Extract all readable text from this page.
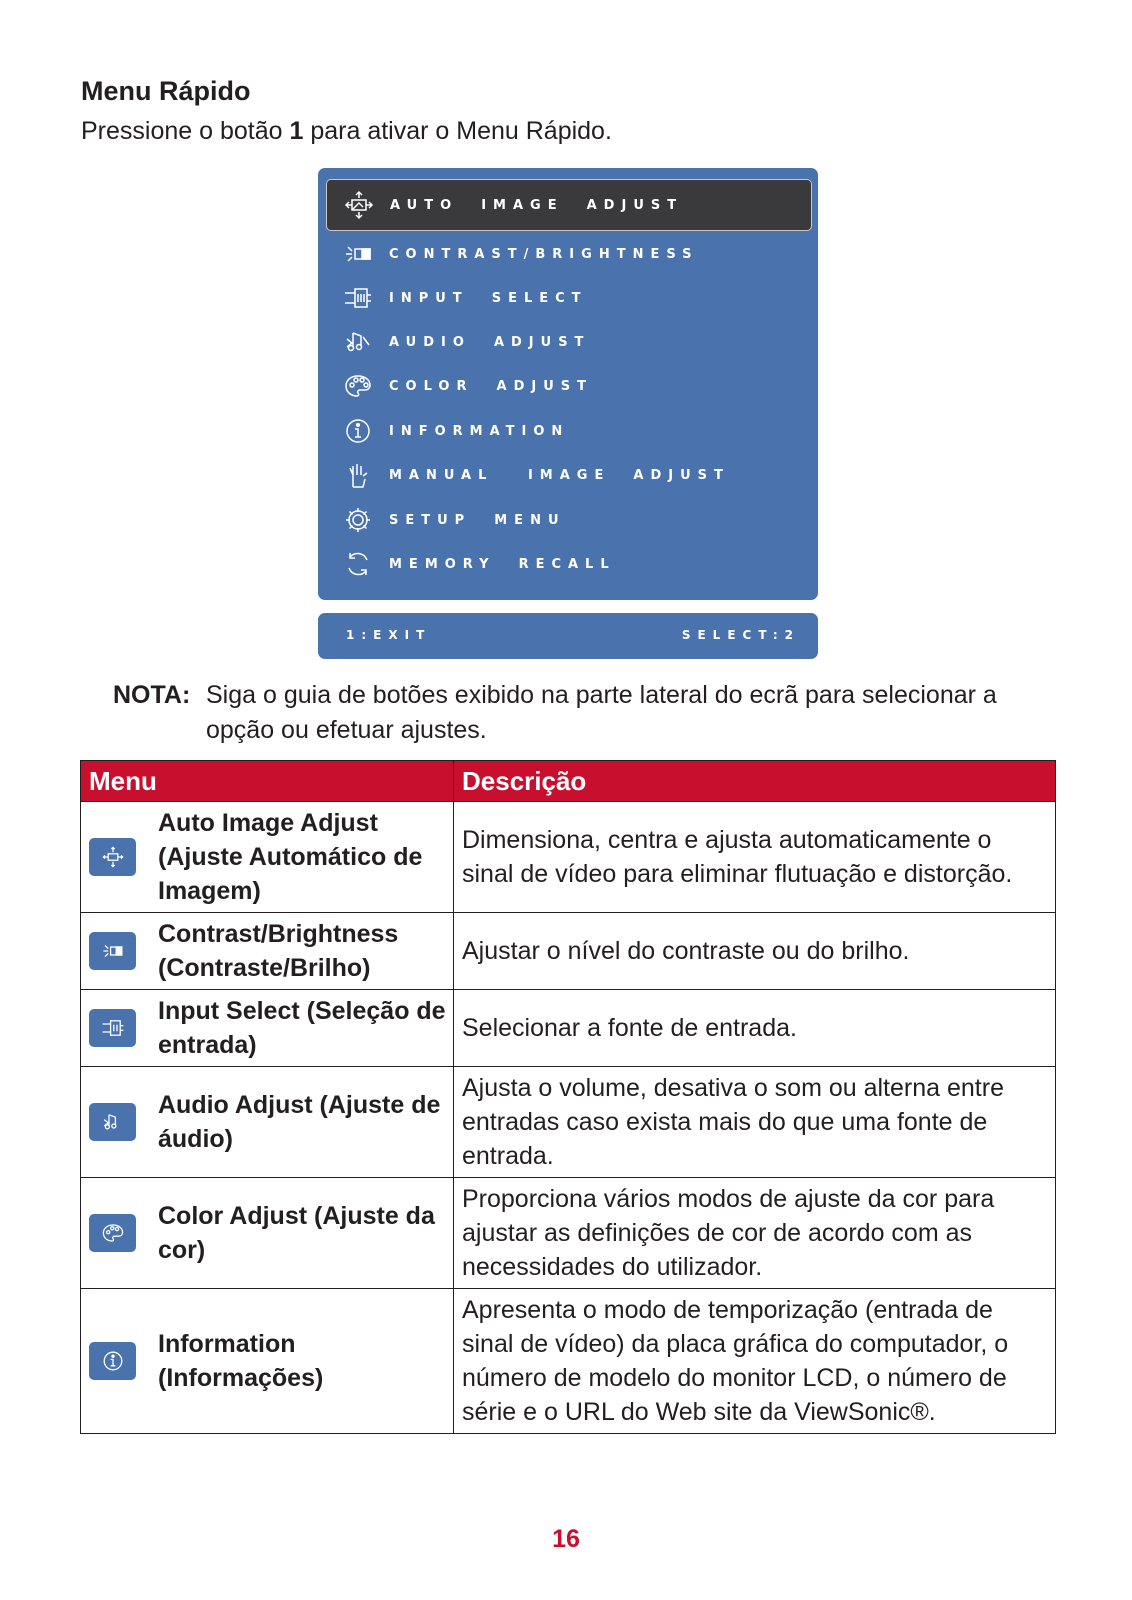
Menu Rápido
Pressione o botão 1 para ativar o Menu Rápido.
AUTO  IMAGE  ADJUST
CONTRAST/BRIGHTNESS
INPUT  SELECT
AUDIO  ADJUST
COLOR  ADJUST
INFORMATION
MANUAL   IMAGE  ADJUST
SETUP  MENU
MEMORY  RECALL
1:EXIT	SELECT:2
NOTA: Siga o guia de botões exibido na parte lateral do ecrã para selecionar a opção ou efetuar ajustes.
Menu	Descrição

Auto Image Adjust (Ajuste Automático de Imagem)	Dimensiona, centra e ajusta automaticamente o sinal de vídeo para eliminar flutuação e distorção.

Contrast/Brightness (Contraste/Brilho)	Ajustar o nível do contraste ou do brilho.

Input Select (Seleção de entrada)	Selecionar a fonte de entrada.

Audio Adjust (Ajuste de áudio)	Ajusta o volume, desativa o som ou alterna entre entradas caso exista mais do que uma fonte de entrada.

Color Adjust (Ajuste da cor)	Proporciona vários modos de ajuste da cor para ajustar as definições de cor de acordo com as necessidades do utilizador.

Information (Informações)	Apresenta o modo de temporização (entrada de sinal de vídeo) da placa gráfica do computador, o número de modelo do monitor LCD, o número de série e o URL do Web site da ViewSonic®.
16
